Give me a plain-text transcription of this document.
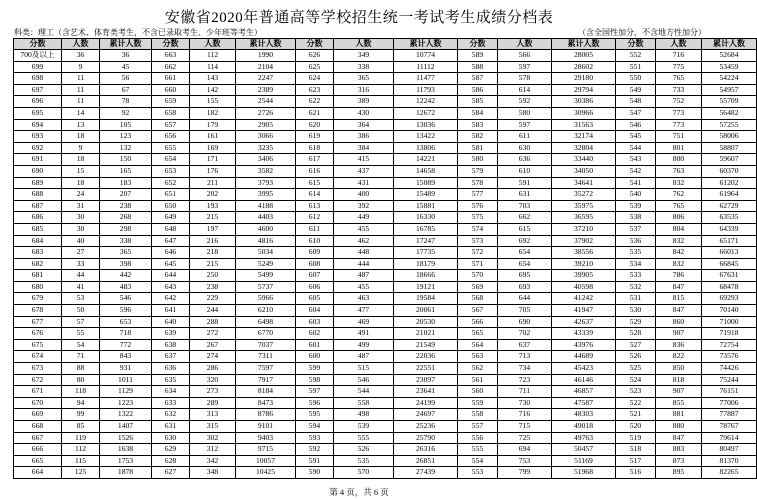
安徽省2020年普通高等学校招生统一考试考生成绩分档表
科类：理工（含艺术、体育类考生，不含已录取考生、少年班等考生）	（含全国性加分，不含地方性加分）
分数	人数	累计人数	分数	人数	累计人数	分数	人数	累计人数	分数	人数	累计人数	分数	人数	累计人数
700及以上	36	36	663	112	1990	626	349	10774	589	566	28005	552	716	52684
699	9	45	662	114	2104	625	338	11112	588	597	28602	551	775	53459
698	11	56	661	143	2247	624	365	11477	587	578	29180	550	765	54224
697	11	67	660	142	2389	623	316	11793	586	614	29794	549	733	54957
696	11	78	659	155	2544	622	389	12242	585	592	30386	548	752	55709
695	14	92	658	182	2726	621	430	12672	584	580	30966	547	773	56482
694	13	105	657	179	2905	620	364	13036	583	597	31563	546	773	57255
693	18	123	656	161	3066	619	386	13422	582	611	32174	545	751	58006
692	9	132	655	169	3235	618	384	13806	581	630	32804	544	801	58807
691	18	150	654	171	3406	617	415	14221	580	636	33440	543	800	59607
690	15	165	653	176	3582	616	437	14658	579	610	34050	542	763	60370
689	18	183	652	211	3793	615	431	15089	578	591	34641	541	832	61202
688	24	207	651	202	3995	614	400	15489	577	631	35272	540	762	61964
687	31	238	650	193	4188	613	392	15881	576	703	35975	539	765	62729
686	30	268	649	215	4403	612	449	16330	575	662	36595	538	806	63535
685	30	298	648	197	4600	611	455	16785	574	615	37210	537	804	64339
684	40	338	647	216	4816	610	462	17247	573	692	37902	536	832	65171
683	27	365	646	218	5034	609	448	17735	572	654	38556	535	842	66013
682	33	398	645	215	5249	608	444	18179	571	654	39210	534	832	66845
681	44	442	644	250	5499	607	487	18666	570	695	39905	533	786	67631
680	41	483	643	238	5737	606	455	19121	569	693	40598	532	847	68478
679	53	546	642	229	5966	605	463	19584	568	644	41242	531	815	69293
678	50	596	641	244	6210	604	477	20061	567	705	41947	530	847	70140
677	57	653	640	288	6498	603	469	20530	566	690	42637	529	860	71000
676	55	718	639	272	6770	602	491	21021	565	702	43339	528	907	71918
675	54	772	638	267	7037	601	499	21549	564	637	43976	527	836	72754
674	71	843	637	274	7311	600	487	22036	563	713	44689	526	822	73576
673	88	931	636	286	7597	599	515	22551	562	734	45423	525	850	74426
672	80	1011	635	320	7917	598	546	23097	561	723	46146	524	818	75244
671	118	1129	634	273	8184	597	544	23641	560	711	46857	523	907	76151
670	94	1223	633	289	8473	596	558	24199	559	730	47587	522	855	77006
669	99	1322	632	313	8786	595	498	24697	558	716	48303	521	881	77887
668	85	1407	631	315	9101	594	539	25236	557	715	49018	520	880	78767
667	119	1526	630	302	9403	593	555	25790	556	725	49763	519	847	79614
666	112	1638	629	312	9715	592	526	26316	555	694	50457	518	883	80497
665	115	1753	628	342	10057	591	535	26851	554	753	51169	517	873	81370
664	125	1878	627	348	10425	590	570	27439	553	799	51968	516	895	82265
第 4 页，共 6 页
